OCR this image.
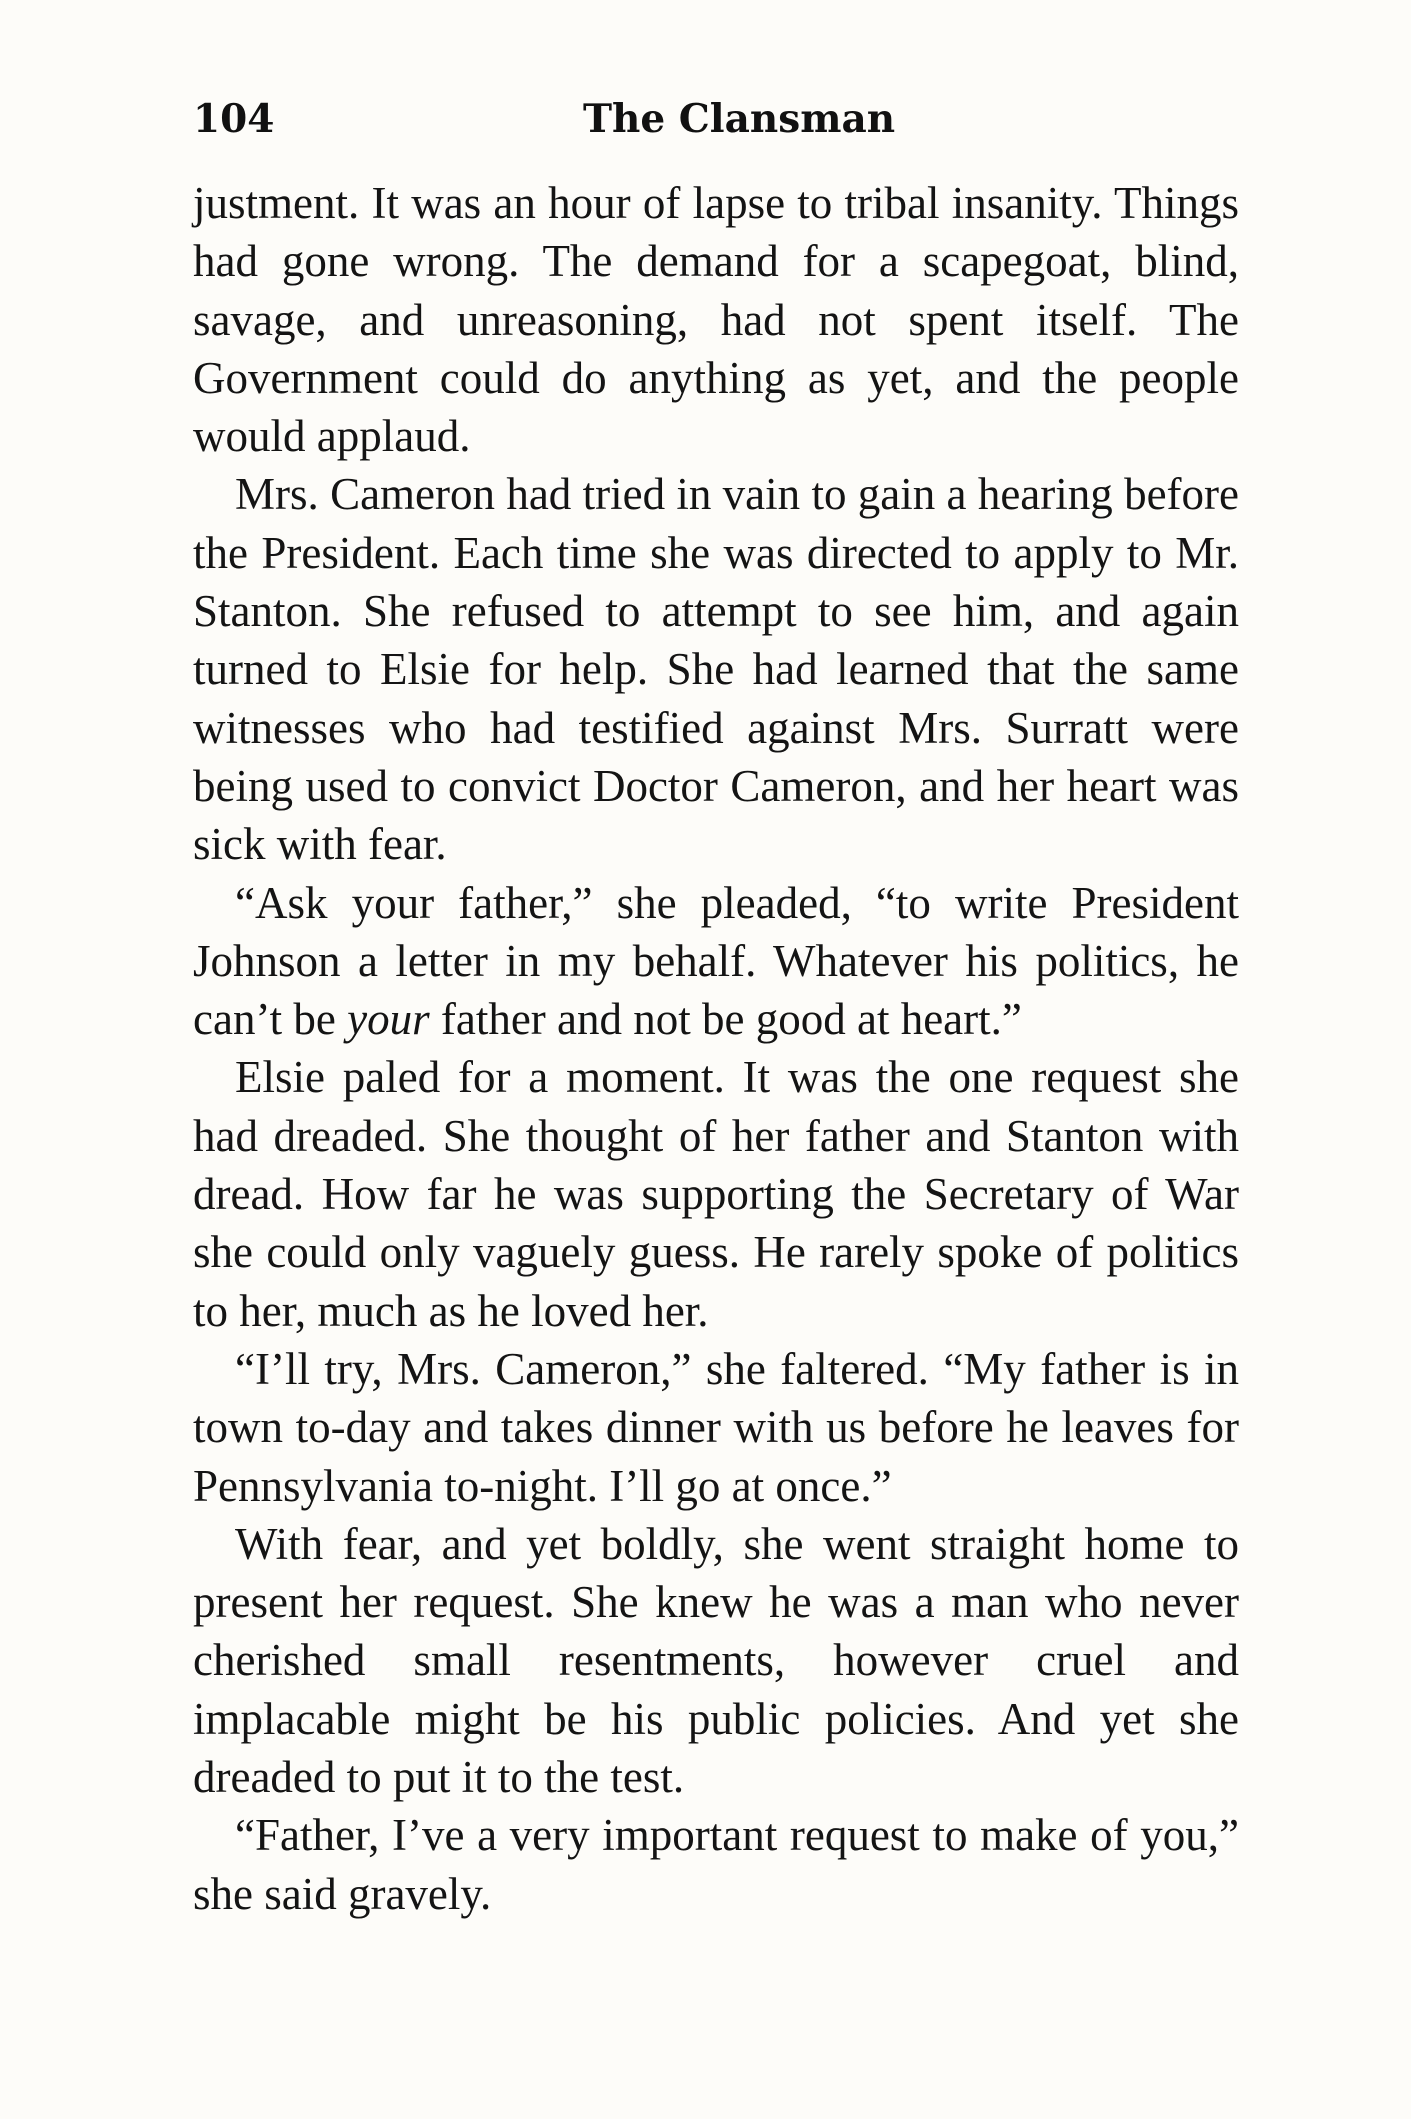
104	The Clansman

justment. It was an hour of lapse to tribal insanity. Things had gone wrong. The demand for a scapegoat, blind, savage, and unreasoning, had not spent itself. The Government could do anything as yet, and the people would applaud.

Mrs. Cameron had tried in vain to gain a hearing before the President. Each time she was directed to apply to Mr. Stanton. She refused to attempt to see him, and again turned to Elsie for help. She had learned that the same witnesses who had testified against Mrs. Surratt were being used to convict Doctor Cameron, and her heart was sick with fear.

“Ask your father,” she pleaded, “to write President Johnson a letter in my behalf. Whatever his politics, he can’t be your father and not be good at heart.”

Elsie paled for a moment. It was the one request she had dreaded. She thought of her father and Stanton with dread. How far he was supporting the Secretary of War she could only vaguely guess. He rarely spoke of politics to her, much as he loved her.

“I’ll try, Mrs. Cameron,” she faltered. “My father is in town to-day and takes dinner with us before he leaves for Pennsylvania to-night. I’ll go at once.”

With fear, and yet boldly, she went straight home to present her request. She knew he was a man who never cherished small resentments, however cruel and implacable might be his public policies. And yet she dreaded to put it to the test.

“Father, I’ve a very important request to make of you,” she said gravely.
